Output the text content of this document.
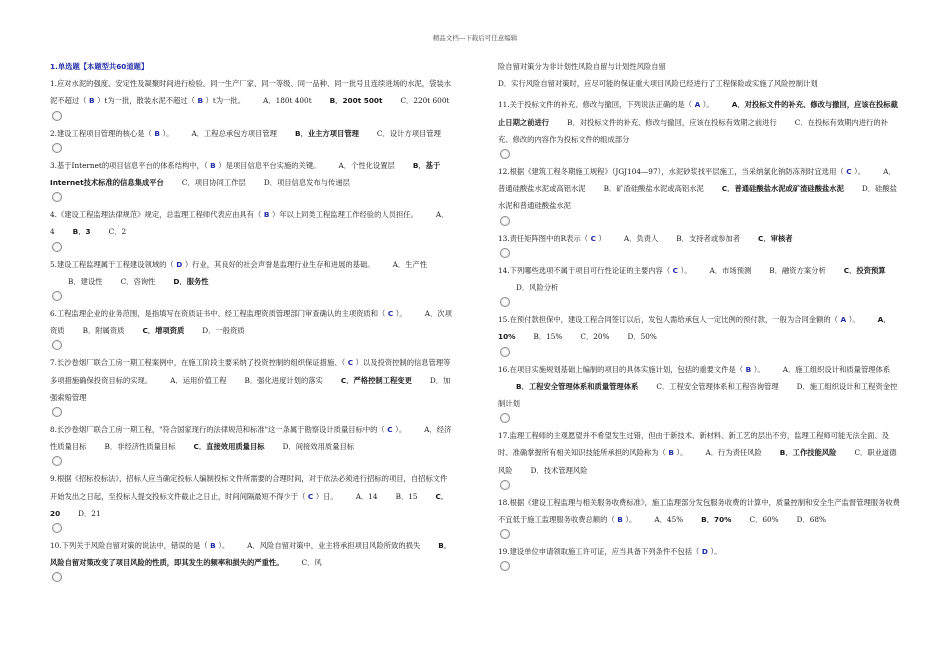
精品文档---下载后可任意编辑

1.单选题【本题型共60道题】

1.应对水泥的强度、安定性及凝聚时间进行检验。同一生产厂家、同一等级、同一品种、同一批号且连续进场的水泥，袋装水泥不超过（ B ）t为一批，散装水泥不超过（ B ）t为一批。 A．180t 400t B．200t 500t C．220t 600t

2.建设工程项目管理的核心是（ B ）。 A．工程总承包方项目管理 B．业主方项目管理 C．设计方项目管理

3.基于Internet的项目信息平台的体系结构中，（ B ）是项目信息平台实施的关键。 A．个性化设置层 B．基于Internet技术标准的信息集成平台 C．项目协同工作层 D．项目信息发布与传递层

4.《建设工程监理法律规范》规定，总监理工程师代表应由具有（ B ）年以上同类工程监理工作经验的人员担任。 A．4 B．3 C．2

5.建设工程监理属于工程建设领域的（ D ）行业，其良好的社会声誉是监理行业生存和进展的基础。 A．生产性B．建设性 C．咨询性 D．服务性

6.工程监理企业的业务范围，是指填写在资质证书中、经工程监理资质管理部门审查确认的主项资质和（ C ）。 A．次项资质 B．附属资质 C．增项资质 D．一般资质

7.长沙卷烟厂联合工房一期工程案例中，在施工阶段主要采纳了投资控制的组织保证措施、（ C ）以及投资控制的信息管理等多项措施确保投资目标的实现。 A．运用价值工程 B．强化进度计划的落实 C．严格控制工程变更 D．加强索赔管理

8.长沙卷烟厂联合工房一期工程，"符合国家现行的法律规范和标准"这一条属于勘察设计质量目标中的（ C ）。 A．经济性质量目标 B．非经济性质量目标 C．直接效用质量目标 D．间接效用质量目标

9.根据《招标投标法》，招标人应当确定投标人编制投标文件所需要的合理时间，对于依法必须进行招标的项目，自招标文件开始发出之日起，至投标人提交投标文件截止之日止，时间间隔最短不得少于（ C ）日。 A．14 B．15 C．20 D．21

10.下列关于风险自留对策的说法中，错误的是（ B ）。 A．风险自留对策中，业主将承担项目风险所致的损失 B．风险自留对策改变了项目风险的性质，即其发生的频率和损失的严重性。 C．风

险自留对策分为非计划性风险自留与计划性风险自留

D．实行风险自留对策时，应尽可能的保证重大项目风险已经进行了工程保险或实施了风险控制计划

11.关于投标文件的补充、修改与撤回，下列说法正确的是（ A ）。 A．对投标文件的补充、修改与撤回，应该在投标截止日期之前进行 B．对投标文件的补充、修改与撤回，应该在投标有效期之前进行 C．在投标有效期内进行的补充、修改的内容作为投标文件的组成部分

12.根据《建筑工程冬期施工规程》（JGJ104—97），水泥砂浆找平层施工，当采纳氯化钠防冻剂时宜选用（ C ）。 A．普通硅酸盐水泥或高铝水泥 B．矿渣硅酸盐水泥或高铝水泥 C．普通硅酸盐水泥或矿渣硅酸盐水泥 D．硅酸盐水泥和普通硅酸盐水泥

13.责任矩阵图中的R表示（ C ） A．负责人 B．支持者或参加者 C．审核者

14.下列哪些选项不属于项目可行性论证的主要内容（ C ）。 A．市场预测 B．融资方案分析 C．投资预算D．风险分析

15.在预付款担保中，建设工程合同签订以后，发包人需给承包人一定比例的预付款，一般为合同金额的（ A ）。 A．10% B．15% C．20% D．50%

16.在项目实施规划基础上编制的项目的具体实施计划，包括的重要文件是（ B ）。 A．施工组织设计和质量管理体系B．工程安全管理体系和质量管理体系 C．工程安全管理体系和工程咨询管理 D．施工组织设计和工程资金控制计划

17.监理工程师的主观愿望并不希望发生过错，但由于新技术、新材料、新工艺的层出不穷，监理工程师可能无法全面、及时、准确掌握所有相关知识技能所承担的风险称为（ B ）。 A．行为责任风险 B．工作技能风险 C．职业道德风险 D．技术管理风险

18.根据《建设工程监理与相关服务收费标准》，施工监理部分发包服务收费的计算中，质量控制和安全生产监督管理服务收费不宜低于施工监理服务收费总额的（ B ）。 A．45% B．70% C．60% D．68%

19.建设单位申请领取施工许可证，应当具备下列条件不包括（ D ）。
